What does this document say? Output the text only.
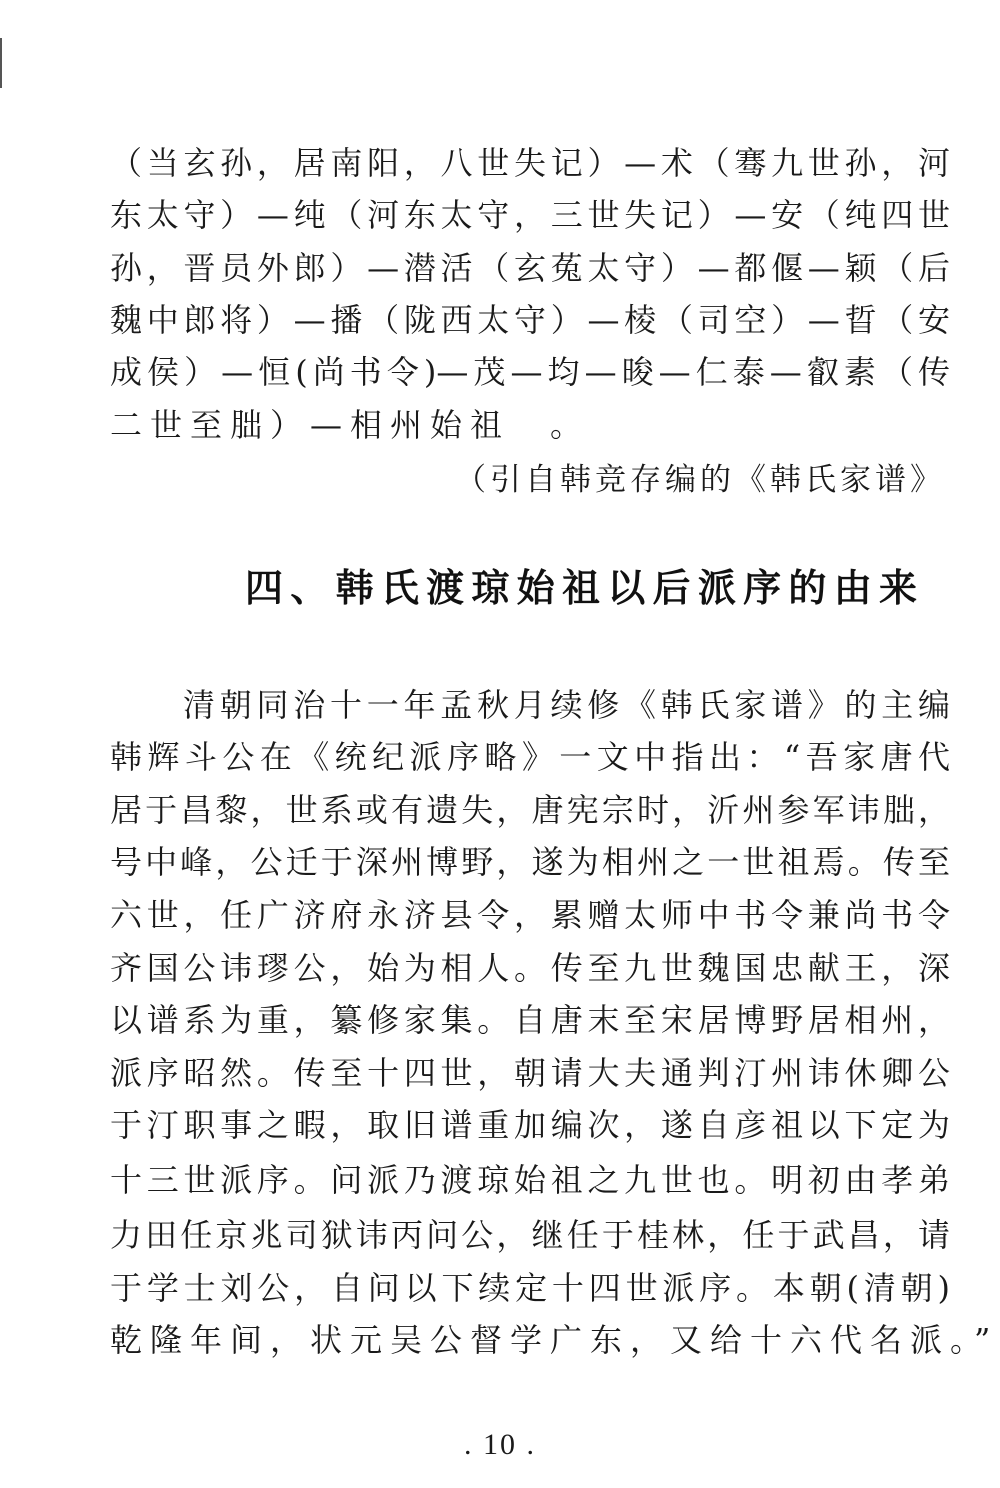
（当玄孙，居南阳，八世失记）—术（骞九世孙，河
东太守）—纯（河东太守，三世失记）—安（纯四世
孙，晋员外郎）—潜活（玄菟太守）—都偃—颖（后
魏中郎将）—播（陇西太守）—棱（司空）—晢（安
成侯）—恒(尚书令)—茂—均—晙—仁泰—叡素（传
二世至朏）—相州始祖　。
（引自韩竞存编的《韩氏家谱》
四、韩氏渡琼始祖以后派序的由来
清朝同治十一年孟秋月续修《韩氏家谱》的主编
韩辉斗公在《统纪派序略》一文中指出：“吾家唐代
居于昌黎，世系或有遗失，唐宪宗时，沂州参军讳朏，
号中峰，公迁于深州博野，遂为相州之一世祖焉。传至
六世，任广济府永济县令，累赠太师中书令兼尚书令
齐国公讳璆公，始为相人。传至九世魏国忠献王，深
以谱系为重，纂修家集。自唐末至宋居博野居相州，
派序昭然。传至十四世，朝请大夫通判汀州讳休卿公
于汀职事之暇，取旧谱重加编次，遂自彦祖以下定为
十三世派序。问派乃渡琼始祖之九世也。明初由孝弟
力田任京兆司狱讳丙问公，继任于桂林，任于武昌，请
于学士刘公，自问以下续定十四世派序。本朝(清朝)
乾隆年间，状元吴公督学广东，又给十六代名派。”
. 10 .
